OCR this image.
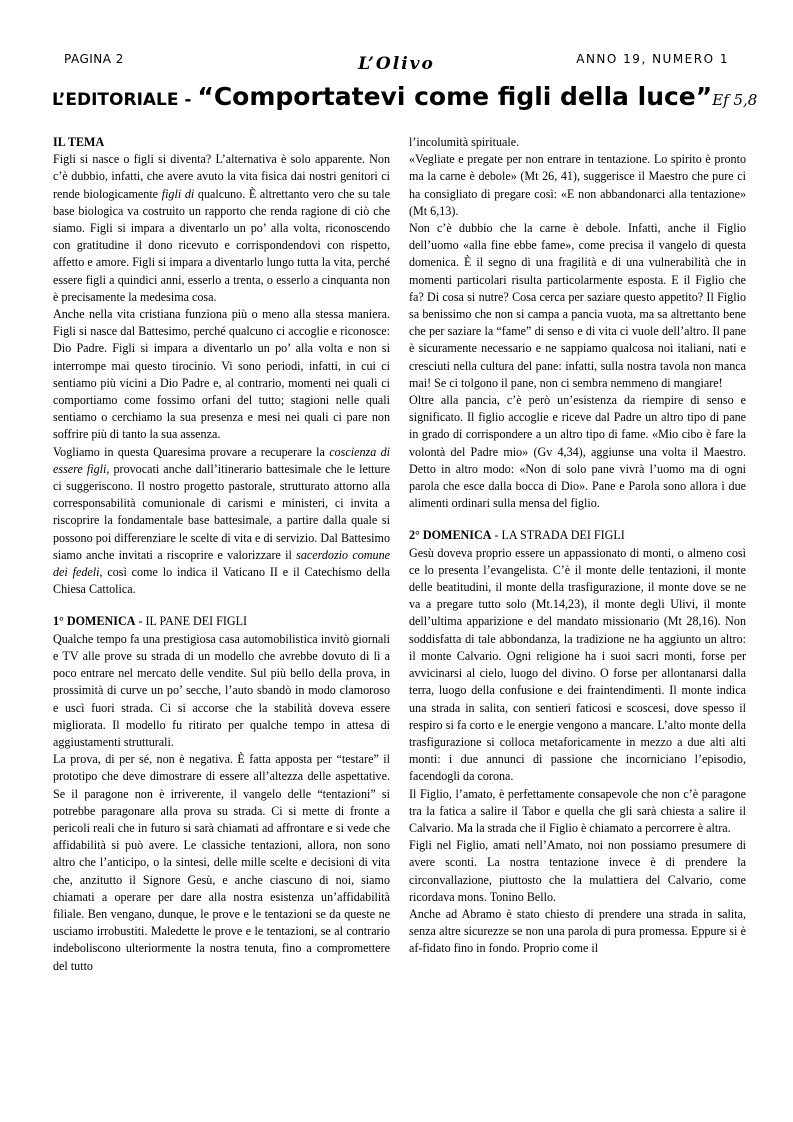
PAGINA 2	L’Olivo	ANNO 19, NUMERO 1
L’EDITORIALE - “Comportatevi come figli della luce”Ef 5,8

IL TEMA

Figli si nasce o figli si diventa? L’alternativa è solo apparente. Non c’è dubbio, infatti, che avere avuto la vita fisica dai nostri genitori ci rende biologicamente figli di qualcuno. È altrettanto vero che su tale base biologica va costruito un rapporto che renda ragione di ciò che siamo. Figli si impara a diventarlo un po’ alla volta, riconoscendo con gratitudine il dono ricevuto e corrispondendovi con rispetto, affetto e amore. Figli si impara a diventarlo lungo tutta la vita, perché essere figli a quindici anni, esserlo a trenta, o esserlo a cinquanta non è precisamente la medesima cosa.

Anche nella vita cristiana funziona più o meno alla stessa maniera. Figli si nasce dal Battesimo, perché qualcuno ci accoglie e riconosce: Dio Padre. Figli si impara a diventarlo un po’ alla volta e non si interrompe mai questo tirocinio. Vi sono periodi, infatti, in cui ci sentiamo più vicini a Dio Padre e, al contrario, momenti nei quali ci comportiamo come fossimo orfani del tutto; stagioni nelle quali sentiamo o cerchiamo la sua presenza e mesi nei quali ci pare non soffrire più di tanto la sua assenza.

Vogliamo in questa Quaresima provare a recuperare la coscienza di essere figli, provocati anche dall’itinerario battesimale che le letture ci suggeriscono. Il nostro progetto pastorale, strutturato attorno alla corresponsabilità comunionale di carismi e ministeri, ci invita a riscoprire la fondamentale base battesimale, a partire dalla quale si possono poi differenziare le scelte di vita e di servizio. Dal Battesimo siamo anche invitati a riscoprire e valorizzare il sacerdozio comune dei fedeli, così come lo indica il Vaticano II e il Catechismo della Chiesa Cattolica.

1° DOMENICA - IL PANE DEI FIGLI

Qualche tempo fa una prestigiosa casa automobilistica invitò giornali e TV alle prove su strada di un modello che avrebbe dovuto di lì a poco entrare nel mercato delle vendite. Sul più bello della prova, in prossimità di curve un po’ secche, l’auto sbandò in modo clamoroso e uscì fuori strada. Ci si accorse che la stabilità doveva essere migliorata. Il modello fu ritirato per qualche tempo in attesa di aggiustamenti strutturali.

La prova, di per sé, non è negativa. È fatta apposta per “testare” il prototipo che deve dimostrare di essere all’altezza delle aspettative. Se il paragone non è irriverente, il vangelo delle “tentazioni” si potrebbe paragonare alla prova su strada. Ci si mette di fronte a pericoli reali che in futuro si sarà chiamati ad affrontare e si vede che affidabilità si può avere. Le classiche tentazioni, allora, non sono altro che l’anticipo, o la sintesi, delle mille scelte e decisioni di vita che, anzitutto il Signore Gesù, e anche ciascuno di noi, siamo chiamati a operare per dare alla nostra esistenza un’affidabilità filiale. Ben vengano, dunque, le prove e le tentazioni se da queste ne usciamo irrobustiti. Maledette le prove e le tentazioni, se al contrario indeboliscono ulteriormente la nostra tenuta, fino a compromettere del tutto

l’incolumità spirituale.

«Vegliate e pregate per non entrare in tentazione. Lo spirito è pronto ma la carne è debole» (Mt 26, 41), suggerisce il Maestro che pure ci ha consigliato di pregare così: «E non abbandonarci alla tentazione» (Mt 6,13).

Non c’è dubbio che la carne è debole. Infatti, anche il Figlio dell’uomo «alla fine ebbe fame», come precisa il vangelo di questa domenica. È il segno di una fragilità e di una vulnerabilità che in momenti particolari risulta particolarmente esposta. E il Figlio che fa? Di cosa si nutre? Cosa cerca per saziare questo appetito? Il Figlio sa benissimo che non si campa a pancia vuota, ma sa altrettanto bene che per saziare la “fame” di senso e di vita ci vuole dell’altro. Il pane è sicuramente necessario e ne sappiamo qualcosa noi italiani, nati e cresciuti nella cultura del pane: infatti, sulla nostra tavola non manca mai! Se ci tolgono il pane, non ci sembra nemmeno di mangiare!

Oltre alla pancia, c’è però un’esistenza da riempire di senso e significato. Il figlio accoglie e riceve dal Padre un altro tipo di pane in grado di corrispondere a un altro tipo di fame. «Mio cibo è fare la volontà del Padre mio» (Gv 4,34), aggiunse una volta il Maestro. Detto in altro modo: «Non di solo pane vivrà l’uomo ma di ogni parola che esce dalla bocca di Dio». Pane e Parola sono allora i due alimenti ordinari sulla mensa del figlio.

2° DOMENICA - LA STRADA DEI FIGLI

Gesù doveva proprio essere un appassionato di monti, o almeno così ce lo presenta l’evangelista. C’è il monte delle tentazioni, il monte delle beatitudini, il monte della trasfigurazione, il monte dove se ne va a pregare tutto solo (Mt.14,23), il monte degli Ulivi, il monte dell’ultima apparizione e del mandato missionario (Mt 28,16). Non soddisfatta di tale abbondanza, la tradizione ne ha aggiunto un altro: il monte Calvario. Ogni religione ha i suoi sacri monti, forse per avvicinarsi al cielo, luogo del divino. O forse per allontanarsi dalla terra, luogo della confusione e dei fraintendimenti. Il monte indica una strada in salita, con sentieri faticosi e scoscesi, dove spesso il respiro si fa corto e le energie vengono a mancare. L’alto monte della trasfigurazione si colloca metaforicamente in mezzo a due alti alti monti: i due annunci di passione che incorniciano l’episodio, facendogli da corona.

Il Figlio, l’amato, è perfettamente consapevole che non c’è paragone tra la fatica a salire il Tabor e quella che gli sarà chiesta a salire il Calvario. Ma la strada che il Figlio è chiamato a percorrere è altra.

Figli nel Figlio, amati nell’Amato, noi non possiamo presumere di avere sconti. La nostra tentazione invece è di prendere la circonvallazione, piuttosto che la mulattiera del Calvario, come ricordava mons. Tonino Bello.

Anche ad Abramo è stato chiesto di prendere una strada in salita, senza altre sicurezze se non una parola di pura promessa. Eppure si è af-fidato fino in fondo. Proprio come il
